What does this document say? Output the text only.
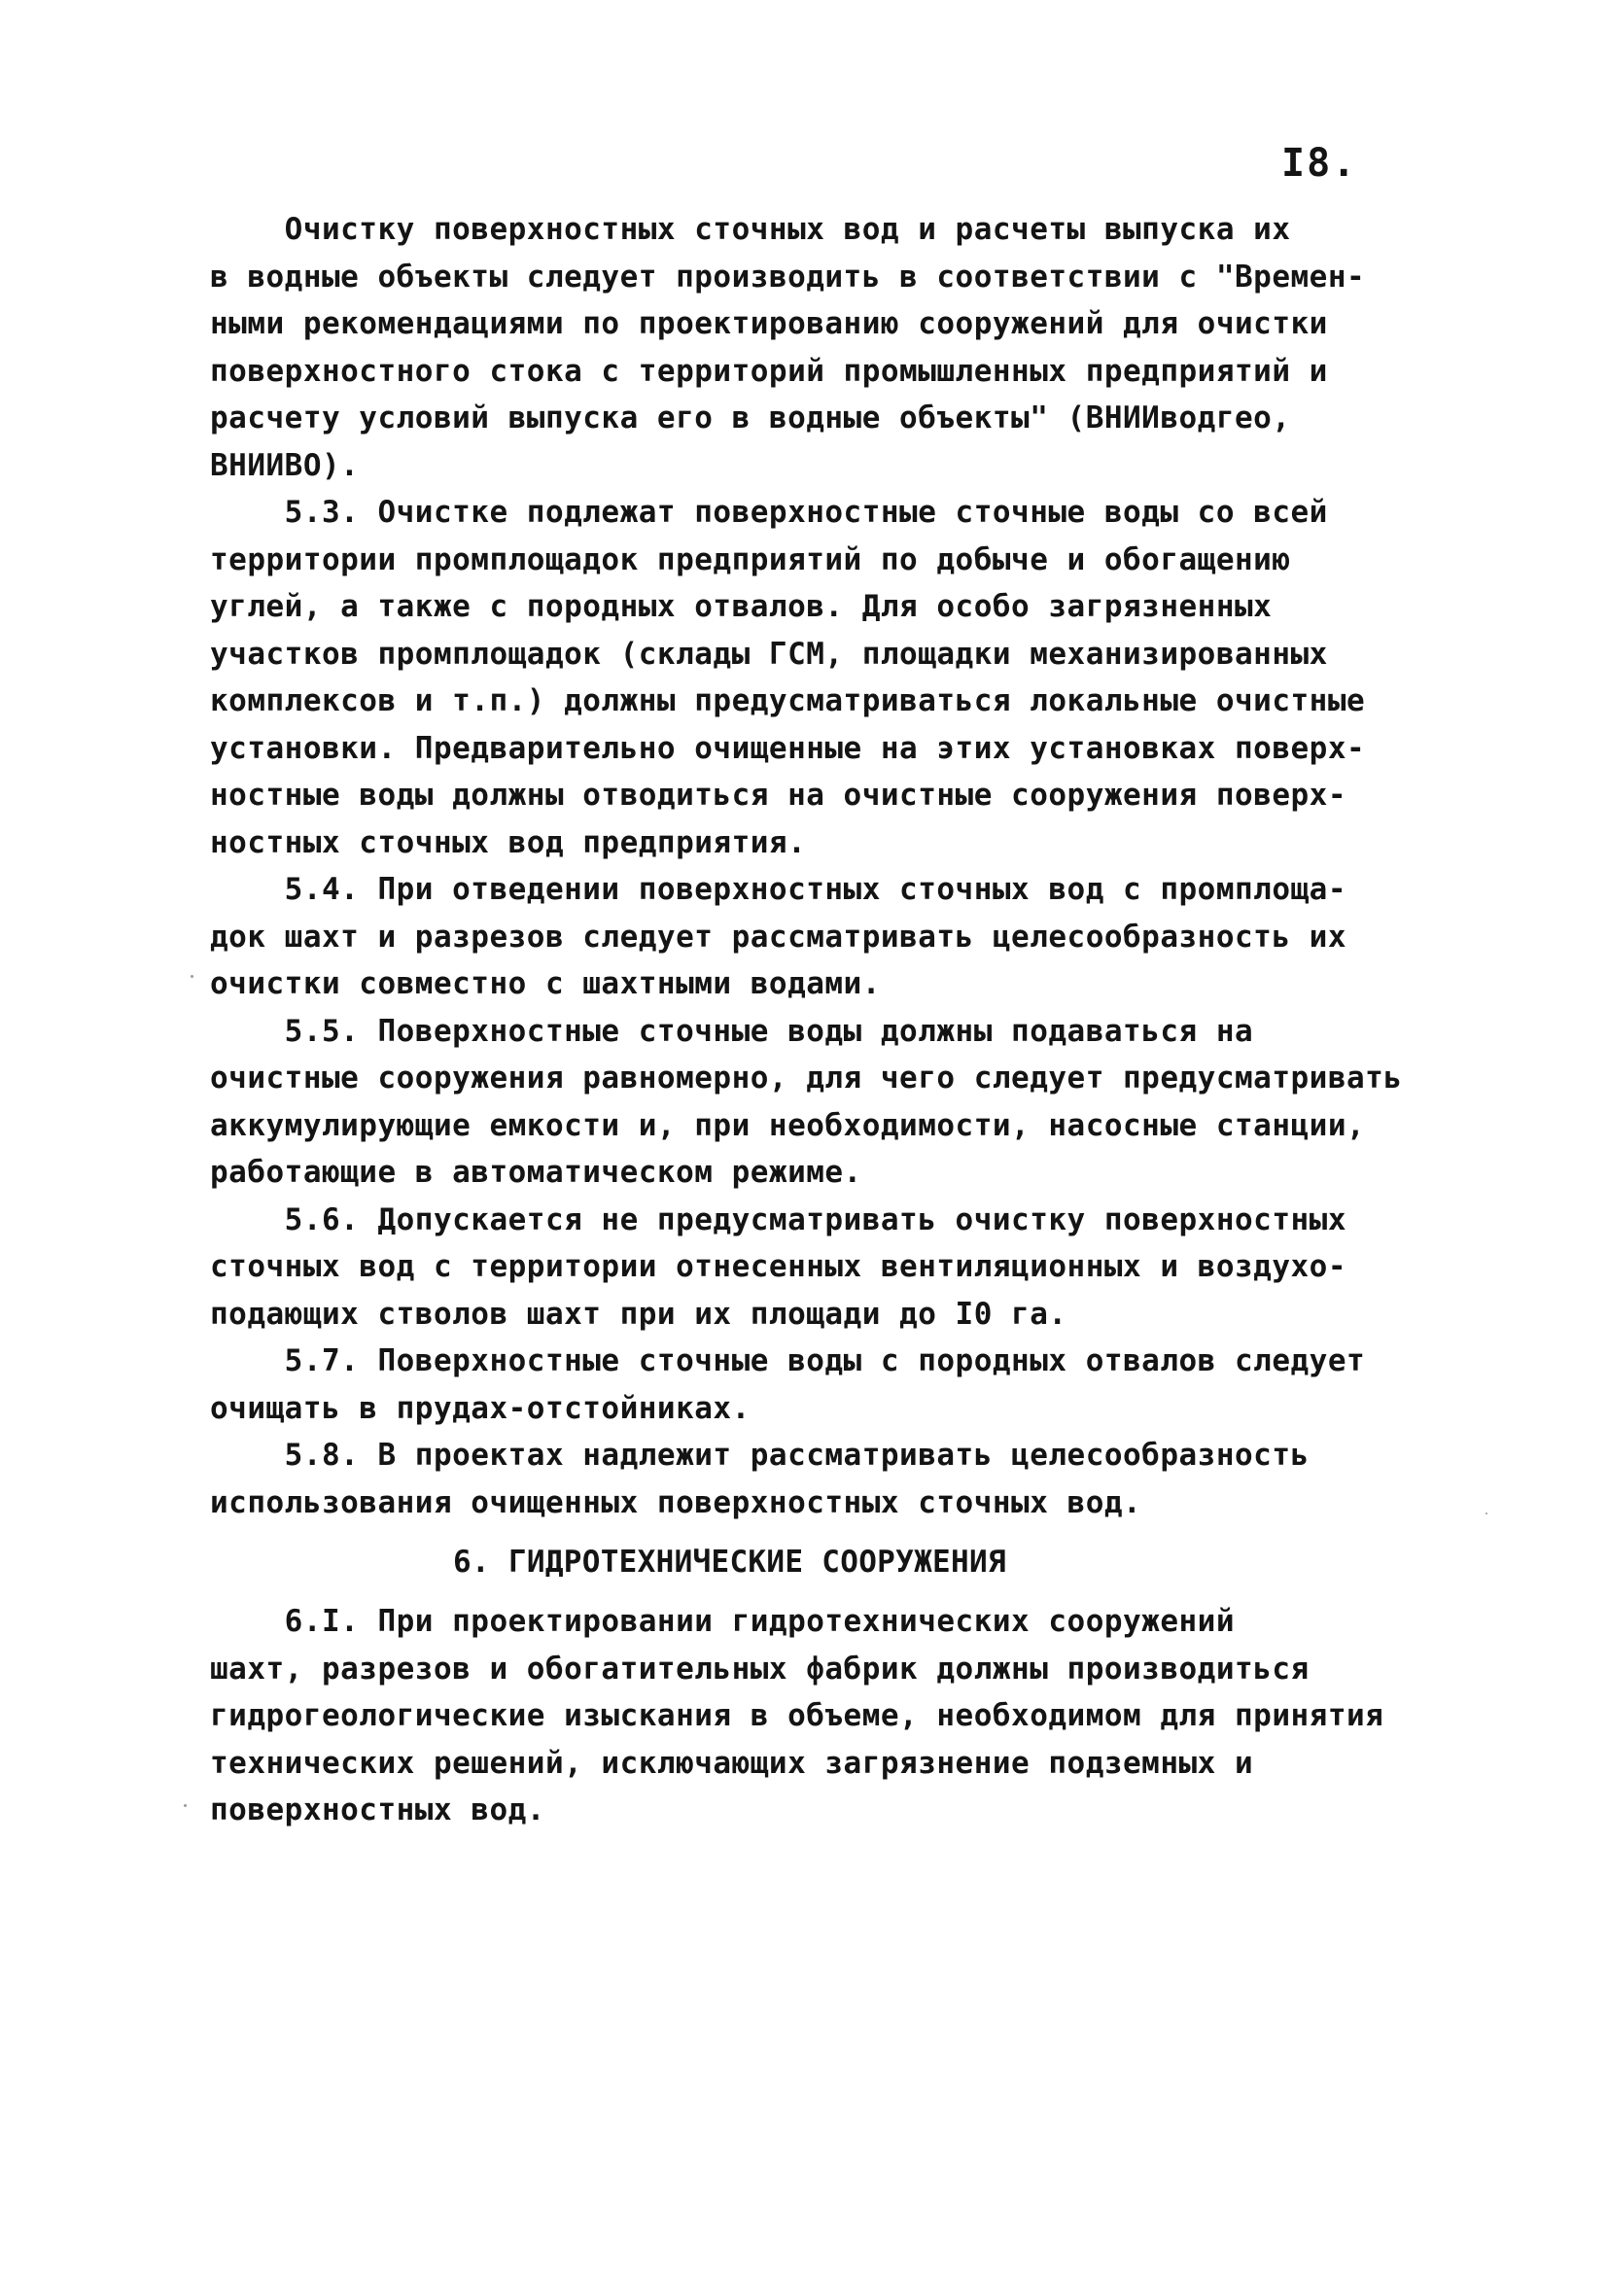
I8.

Очистку поверхностных сточных вод и расчеты выпуска их
в водные объекты следует производить в соответствии с "Времен-
ными рекомендациями по проектированию сооружений для очистки
поверхностного стока с территорий промышленных предприятий и
расчету условий выпуска его в водные объекты" (ВНИИводгео,
ВНИИВО).

5.3. Очистке подлежат поверхностные сточные воды со всей
территории промплощадок предприятий по добыче и обогащению
углей, а также с породных отвалов. Для особо загрязненных
участков промплощадок (склады ГСМ, площадки механизированных
комплексов и т.п.) должны предусматриваться локальные очистные
установки. Предварительно очищенные на этих установках поверх-
ностные воды должны отводиться на очистные сооружения поверх-
ностных сточных вод предприятия.

5.4. При отведении поверхностных сточных вод с промплоща-
док шахт и разрезов следует рассматривать целесообразность их
очистки совместно с шахтными водами.

5.5. Поверхностные сточные воды должны подаваться на
очистные сооружения равномерно, для чего следует предусматривать
аккумулирующие емкости и, при необходимости, насосные станции,
работающие в автоматическом режиме.

5.6. Допускается не предусматривать очистку поверхностных
сточных вод с территории отнесенных вентиляционных и воздухо-
подающих стволов шахт при их площади до I0 га.

5.7. Поверхностные сточные воды с породных отвалов следует
очищать в прудах-отстойниках.

5.8. В проектах надлежит рассматривать целесообразность
использования очищенных поверхностных сточных вод.

6. ГИДРОТЕХНИЧЕСКИЕ СООРУЖЕНИЯ

6.I. При проектировании гидротехнических сооружений
шахт, разрезов и обогатительных фабрик должны производиться
гидрогеологические изыскания в объеме, необходимом для принятия
технических решений, исключающих загрязнение подземных и
поверхностных вод.
